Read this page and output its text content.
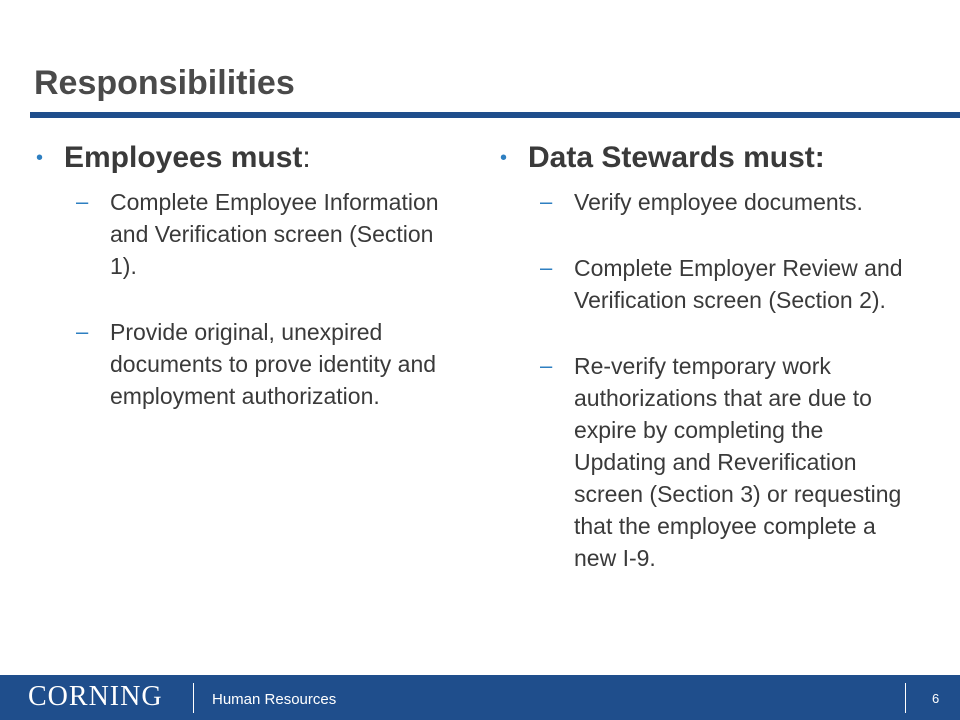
Responsibilities
• Employees must:
– Complete Employee Information and Verification screen (Section 1).
– Provide original, unexpired documents to prove identity and employment authorization.
• Data Stewards must:
– Verify employee documents.
– Complete Employer Review and Verification screen (Section 2).
– Re-verify temporary work authorizations that are due to expire by completing the Updating and Reverification screen (Section 3) or requesting that the employee complete a new I-9.
CORNING	Human Resources	6
